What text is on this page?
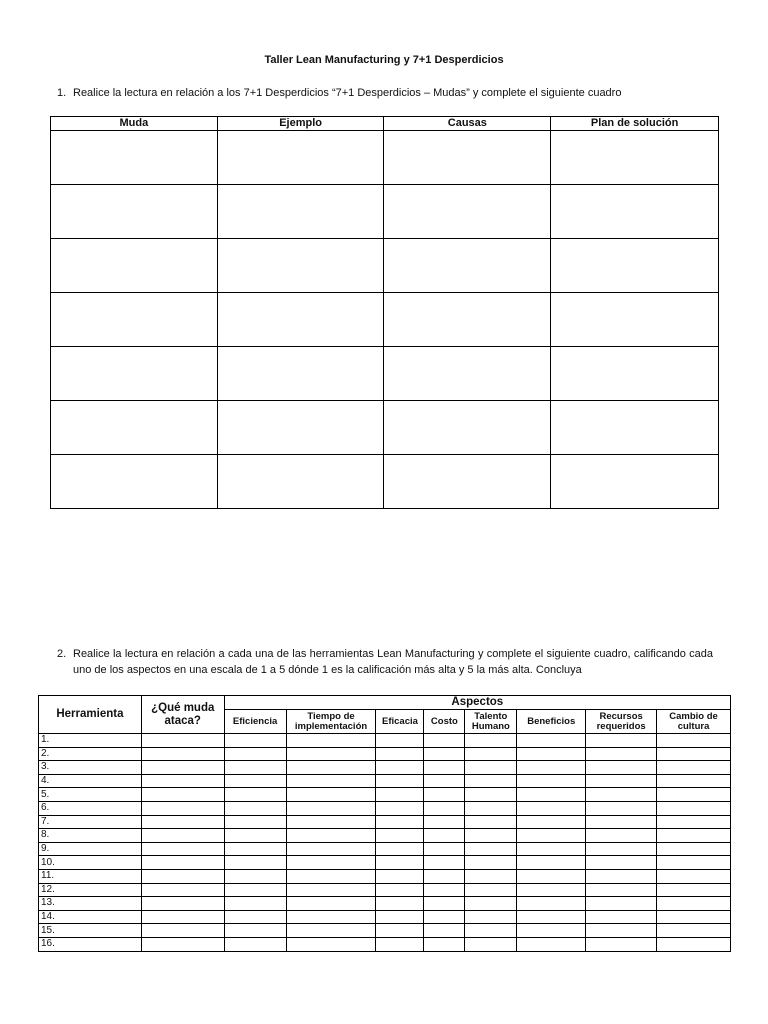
Taller Lean Manufacturing y 7+1 Desperdicios
1. Realice la lectura en relación a los 7+1 Desperdicios “7+1 Desperdicios – Mudas” y complete el siguiente cuadro
Muda	Ejemplo	Causas	Plan de solución

2. Realice la lectura en relación a cada una de las herramientas Lean Manufacturing y complete el siguiente cuadro, calificando cada uno de los aspectos en una escala de 1 a 5 dónde 1 es la calificación más alta y 5 la más alta. Concluya
Herramienta	¿Qué muda ataca?	Aspectos							
		Eficiencia	Tiempo de implementación	Eficacia	Costo	Talento Humano	Beneficios	Recursos requeridos	Cambio de cultura
1.									
2.									
3.									
4.									
5.									
6.									
7.									
8.									
9.									
10.									
11.									
12.									
13.									
14.									
15.									
16.									
